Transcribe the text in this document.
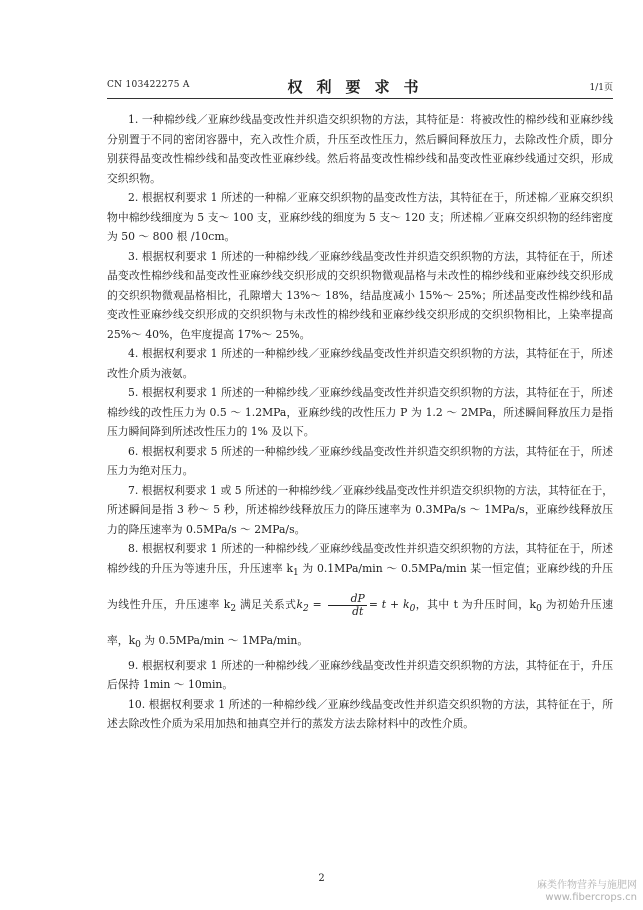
CN 103422275 A	权利要求书	1/1页

1. 一种棉纱线／亚麻纱线晶变改性并织造交织织物的方法，其特征是：将被改性的棉纱线和亚麻纱线分别置于不同的密闭容器中，充入改性介质，升压至改性压力，然后瞬间释放压力，去除改性介质，即分别获得晶变改性棉纱线和晶变改性亚麻纱线。然后将晶变改性棉纱线和晶变改性亚麻纱线通过交织，形成交织织物。

2. 根据权利要求 1 所述的一种棉／亚麻交织织物的晶变改性方法，其特征在于，所述棉／亚麻交织织物中棉纱线细度为 5 支～ 100 支，亚麻纱线的细度为 5 支～ 120 支；所述棉／亚麻交织织物的经纬密度为 50 ～ 800 根 /10cm。

3. 根据权利要求 1 所述的一种棉纱线／亚麻纱线晶变改性并织造交织织物的方法，其特征在于，所述晶变改性棉纱线和晶变改性亚麻纱线交织形成的交织织物微观晶格与未改性的棉纱线和亚麻纱线交织形成的交织织物微观晶格相比，孔隙增大 13%～ 18%，结晶度减小 15%～ 25%；所述晶变改性棉纱线和晶变改性亚麻纱线交织形成的交织织物与未改性的棉纱线和亚麻纱线交织形成的交织织物相比，上染率提高 25%～ 40%，色牢度提高 17%～ 25%。

4. 根据权利要求 1 所述的一种棉纱线／亚麻纱线晶变改性并织造交织织物的方法，其特征在于，所述改性介质为液氨。

5. 根据权利要求 1 所述的一种棉纱线／亚麻纱线晶变改性并织造交织织物的方法，其特征在于，所述棉纱线的改性压力为 0.5 ～ 1.2MPa，亚麻纱线的改性压力 P 为 1.2 ～ 2MPa，所述瞬间释放压力是指压力瞬间降到所述改性压力的 1% 及以下。

6. 根据权利要求 5 所述的一种棉纱线／亚麻纱线晶变改性并织造交织织物的方法，其特征在于，所述压力为绝对压力。

7. 根据权利要求 1 或 5 所述的一种棉纱线／亚麻纱线晶变改性并织造交织织物的方法，其特征在于，所述瞬间是指 3 秒～ 5 秒，所述棉纱线释放压力的降压速率为 0.3MPa/s ～ 1MPa/s，亚麻纱线释放压力的降压速率为 0.5MPa/s ～ 2MPa/s。

8. 根据权利要求 1 所述的一种棉纱线／亚麻纱线晶变改性并织造交织织物的方法，其特征在于，所述棉纱线的升压为等速升压，升压速率 $k_1$ 为 0.1MPa/min ～ 0.5MPa/min 某一恒定值；亚麻纱线的升压为线性升压，升压速率 $k_2$ 满足关系式$k_2 = \frac{dP}{dt} = t + k_0$，其中 t 为升压时间，$k_0$ 为初始升压速率，$k_0$ 为 0.5MPa/min ～ 1MPa/min。

9. 根据权利要求 1 所述的一种棉纱线／亚麻纱线晶变改性并织造交织织物的方法，其特征在于，升压后保持 1min ～ 10min。

10. 根据权利要求 1 所述的一种棉纱线／亚麻纱线晶变改性并织造交织织物的方法，其特征在于，所述去除改性介质为采用加热和抽真空并行的蒸发方法去除材料中的改性介质。

2
麻类作物营养与施肥网
www.fibercrops.cn
